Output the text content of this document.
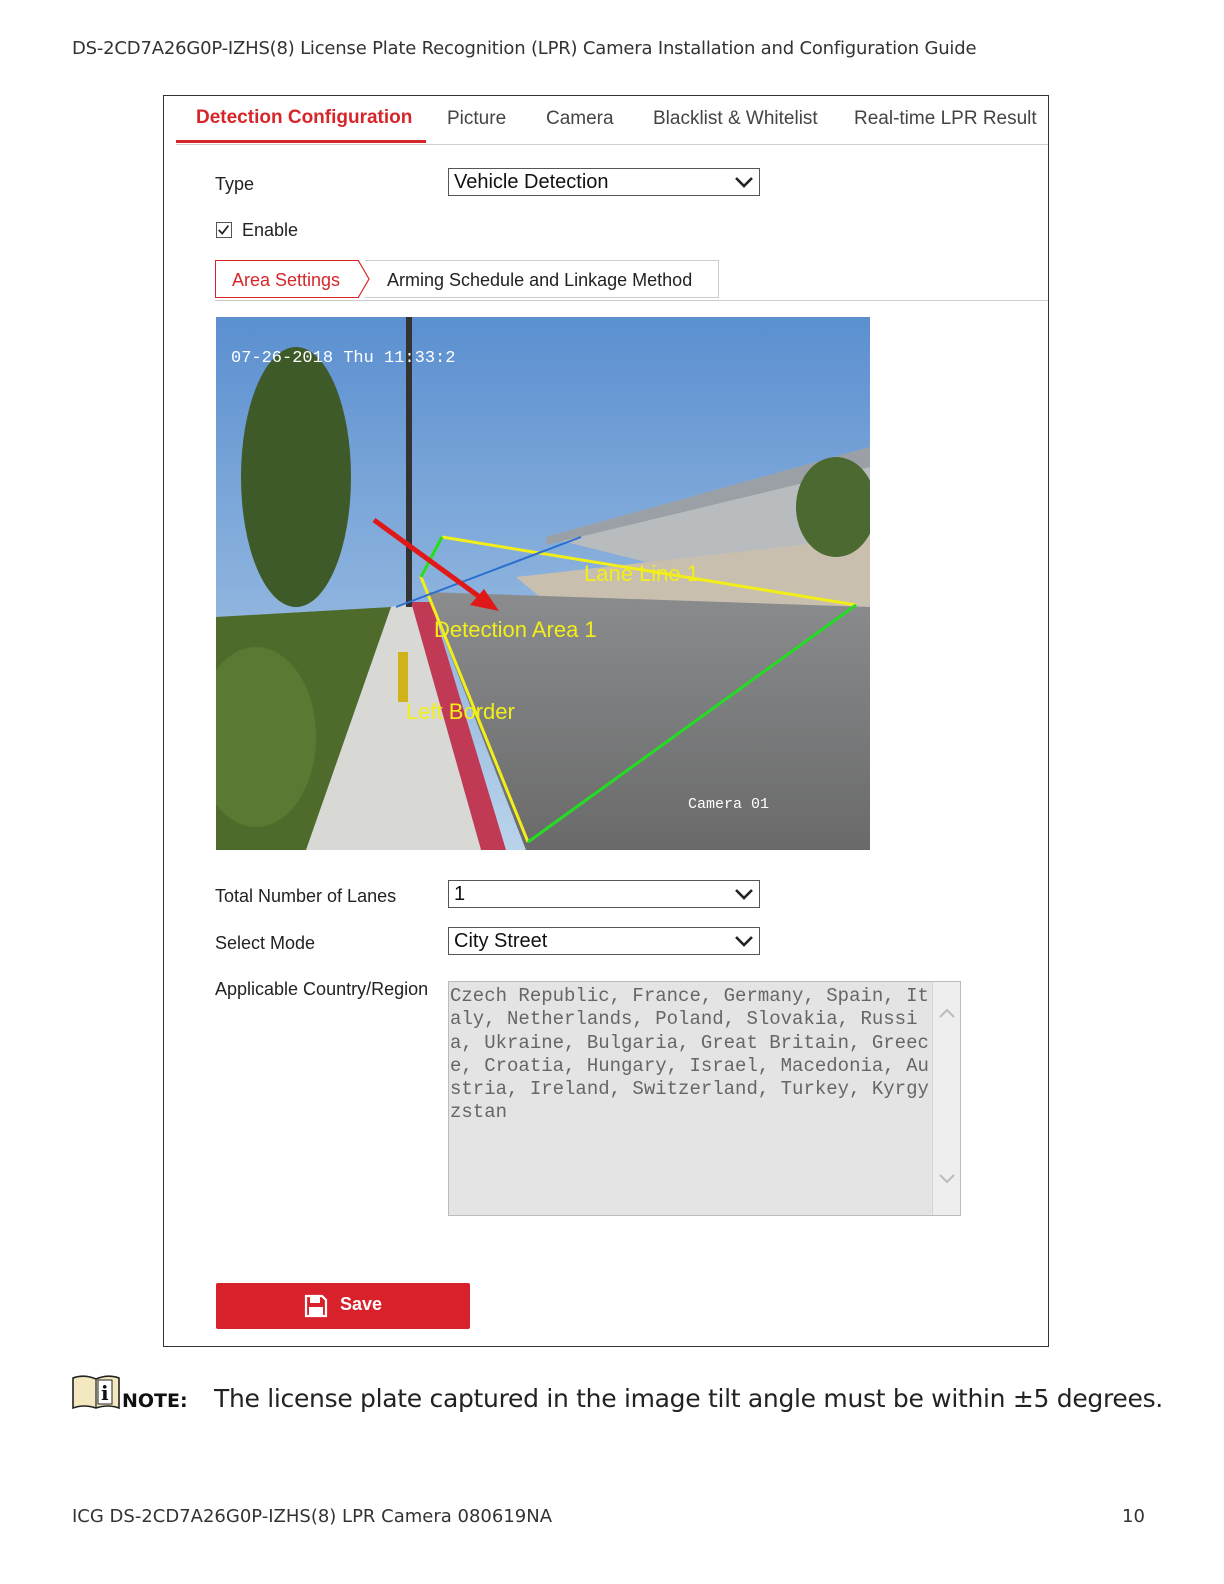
DS-2CD7A26G0P-IZHS(8) License Plate Recognition (LPR) Camera Installation and Configuration Guide
Detection Configuration Picture Camera Blacklist & Whitelist Real-time LPR Result
Type	Vehicle Detection
Enable
Area Settings	Arming Schedule and Linkage Method
07-26-2018 Thu 11:33:2
Lane Line 1
Detection Area 1
Left Border
Camera 01
Total Number of Lanes	1
Select Mode	City Street
Applicable Country/Region Czech Republic, France, Germany, Spain, Italy, Netherlands, Poland, Slovakia, Russia, Ukraine, Bulgaria, Great Britain, Greece, Croatia, Hungary, Israel, Macedonia, Austria, Ireland, Switzerland, Turkey, Kyrgyzstan
Save
i NOTE: The license plate captured in the image tilt angle must be within ±5 degrees.
ICG DS-2CD7A26G0P-IZHS(8) LPR Camera 080619NA	10
